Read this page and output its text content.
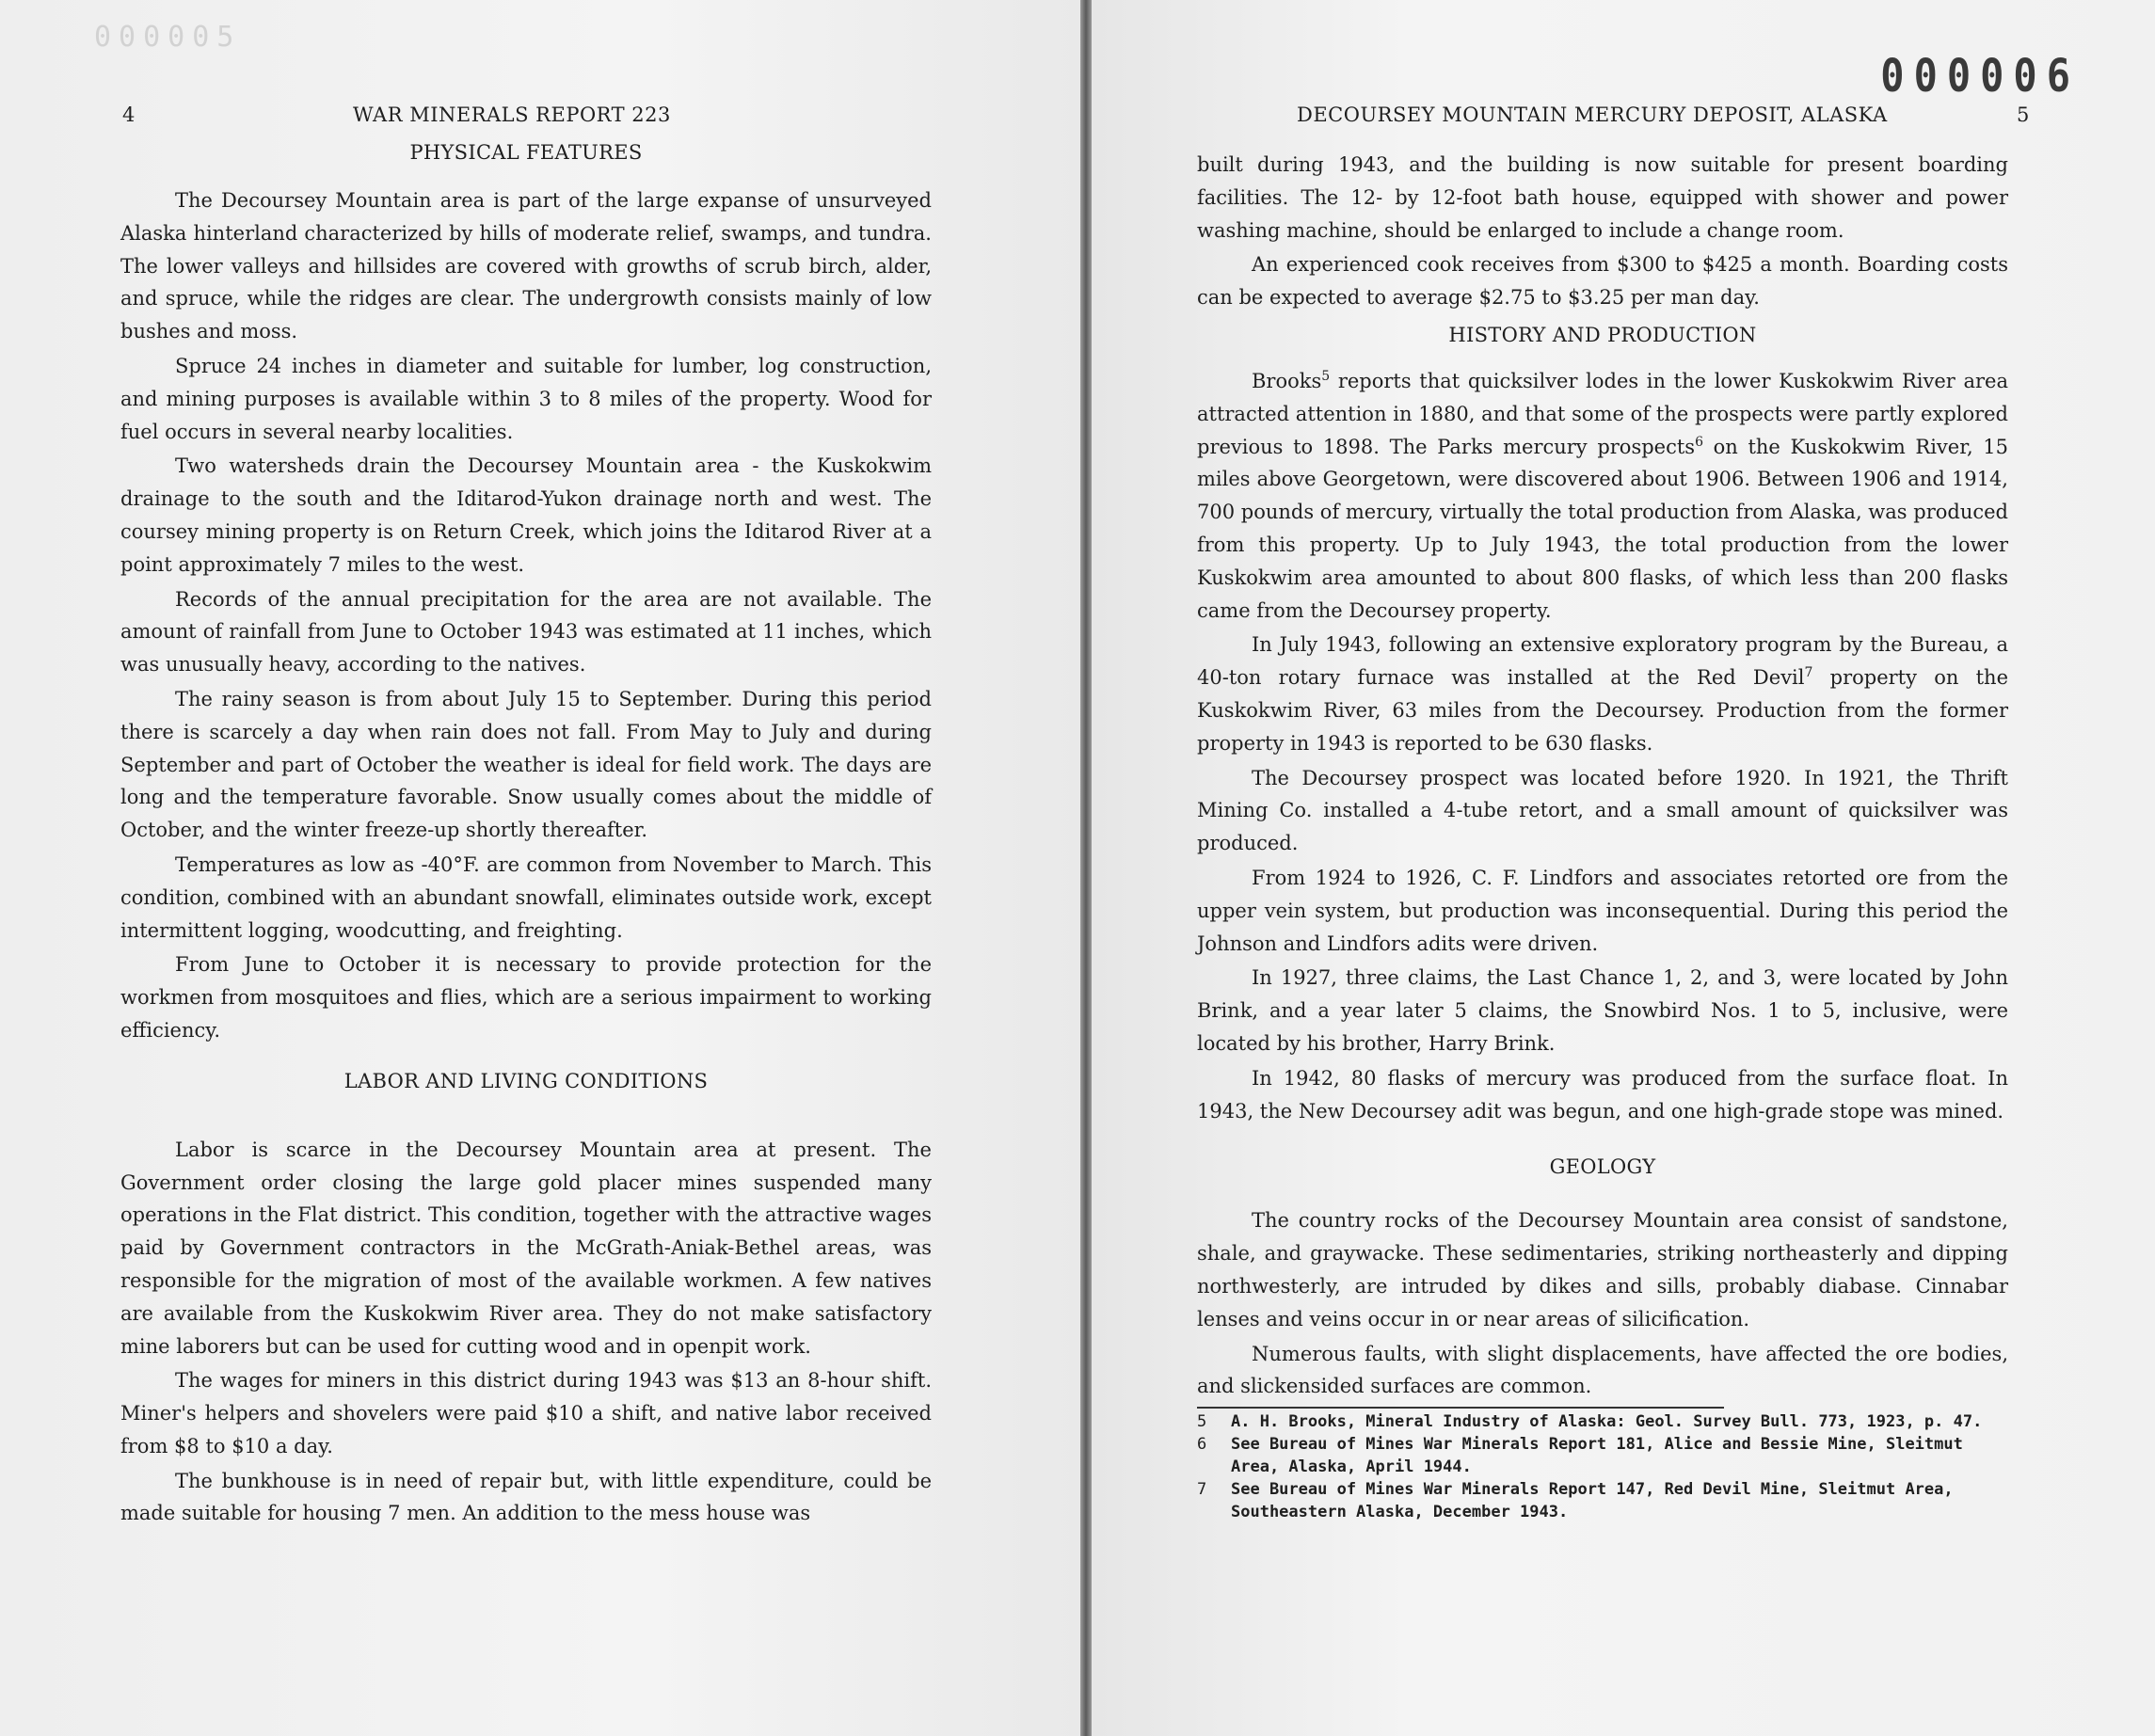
000005
4	WAR MINERALS REPORT 223
PHYSICAL FEATURES

The Decoursey Mountain area is part of the large expanse of unsurveyed Alaska hinterland characterized by hills of moderate relief, swamps, and tundra. The lower valleys and hillsides are covered with growths of scrub birch, alder, and spruce, while the ridges are clear. The undergrowth consists mainly of low bushes and moss.

Spruce 24 inches in diameter and suitable for lumber, log construction, and mining purposes is available within 3 to 8 miles of the property. Wood for fuel occurs in several nearby localities.

Two watersheds drain the Decoursey Mountain area - the Kuskokwim drainage to the south and the Iditarod-Yukon drainage north and west. The coursey mining property is on Return Creek, which joins the Iditarod River at a point approximately 7 miles to the west.

Records of the annual precipitation for the area are not available. The amount of rainfall from June to October 1943 was estimated at 11 inches, which was unusually heavy, according to the natives.

The rainy season is from about July 15 to September. During this period there is scarcely a day when rain does not fall. From May to July and during September and part of October the weather is ideal for field work. The days are long and the temperature favorable. Snow usually comes about the middle of October, and the winter freeze-up shortly thereafter.

Temperatures as low as -40°F. are common from November to March. This condition, combined with an abundant snowfall, eliminates outside work, except intermittent logging, woodcutting, and freighting.

From June to October it is necessary to provide protection for the workmen from mosquitoes and flies, which are a serious impairment to working efficiency.

LABOR AND LIVING CONDITIONS

Labor is scarce in the Decoursey Mountain area at present. The Government order closing the large gold placer mines suspended many operations in the Flat district. This condition, together with the attractive wages paid by Government contractors in the McGrath-Aniak-Bethel areas, was responsible for the migration of most of the available workmen. A few natives are available from the Kuskokwim River area. They do not make satisfactory mine laborers but can be used for cutting wood and in openpit work.

The wages for miners in this district during 1943 was $13 an 8-hour shift. Miner's helpers and shovelers were paid $10 a shift, and native labor received from $8 to $10 a day.

The bunkhouse is in need of repair but, with little expenditure, could be made suitable for housing 7 men. An addition to the mess house was

000006
DECOURSEY MOUNTAIN MERCURY DEPOSIT, ALASKA	5

built during 1943, and the building is now suitable for present boarding facilities. The 12- by 12-foot bath house, equipped with shower and power washing machine, should be enlarged to include a change room.

An experienced cook receives from $300 to $425 a month. Boarding costs can be expected to average $2.75 to $3.25 per man day.

HISTORY AND PRODUCTION

Brooks$^5$ reports that quicksilver lodes in the lower Kuskokwim River area attracted attention in 1880, and that some of the prospects were partly explored previous to 1898. The Parks mercury prospects$^6$ on the Kuskokwim River, 15 miles above Georgetown, were discovered about 1906. Between 1906 and 1914, 700 pounds of mercury, virtually the total production from Alaska, was produced from this property. Up to July 1943, the total production from the lower Kuskokwim area amounted to about 800 flasks, of which less than 200 flasks came from the Decoursey property.

In July 1943, following an extensive exploratory program by the Bureau, a 40-ton rotary furnace was installed at the Red Devil$^7$ property on the Kuskokwim River, 63 miles from the Decoursey. Production from the former property in 1943 is reported to be 630 flasks.

The Decoursey prospect was located before 1920. In 1921, the Thrift Mining Co. installed a 4-tube retort, and a small amount of quicksilver was produced.

From 1924 to 1926, C. F. Lindfors and associates retorted ore from the upper vein system, but production was inconsequential. During this period the Johnson and Lindfors adits were driven.

In 1927, three claims, the Last Chance 1, 2, and 3, were located by John Brink, and a year later 5 claims, the Snowbird Nos. 1 to 5, inclusive, were located by his brother, Harry Brink.

In 1942, 80 flasks of mercury was produced from the surface float. In 1943, the New Decoursey adit was begun, and one high-grade stope was mined.

GEOLOGY

The country rocks of the Decoursey Mountain area consist of sandstone, shale, and graywacke. These sedimentaries, striking northeasterly and dipping northwesterly, are intruded by dikes and sills, probably diabase. Cinnabar lenses and veins occur in or near areas of silicification.

Numerous faults, with slight displacements, have affected the ore bodies, and slickensided surfaces are common.

5	A. H. Brooks, Mineral Industry of Alaska: Geol. Survey Bull. 773, 1923, p. 47.
6	See Bureau of Mines War Minerals Report 181, Alice and Bessie Mine, Sleitmut Area, Alaska, April 1944.
7	See Bureau of Mines War Minerals Report 147, Red Devil Mine, Sleitmut Area, Southeastern Alaska, December 1943.
